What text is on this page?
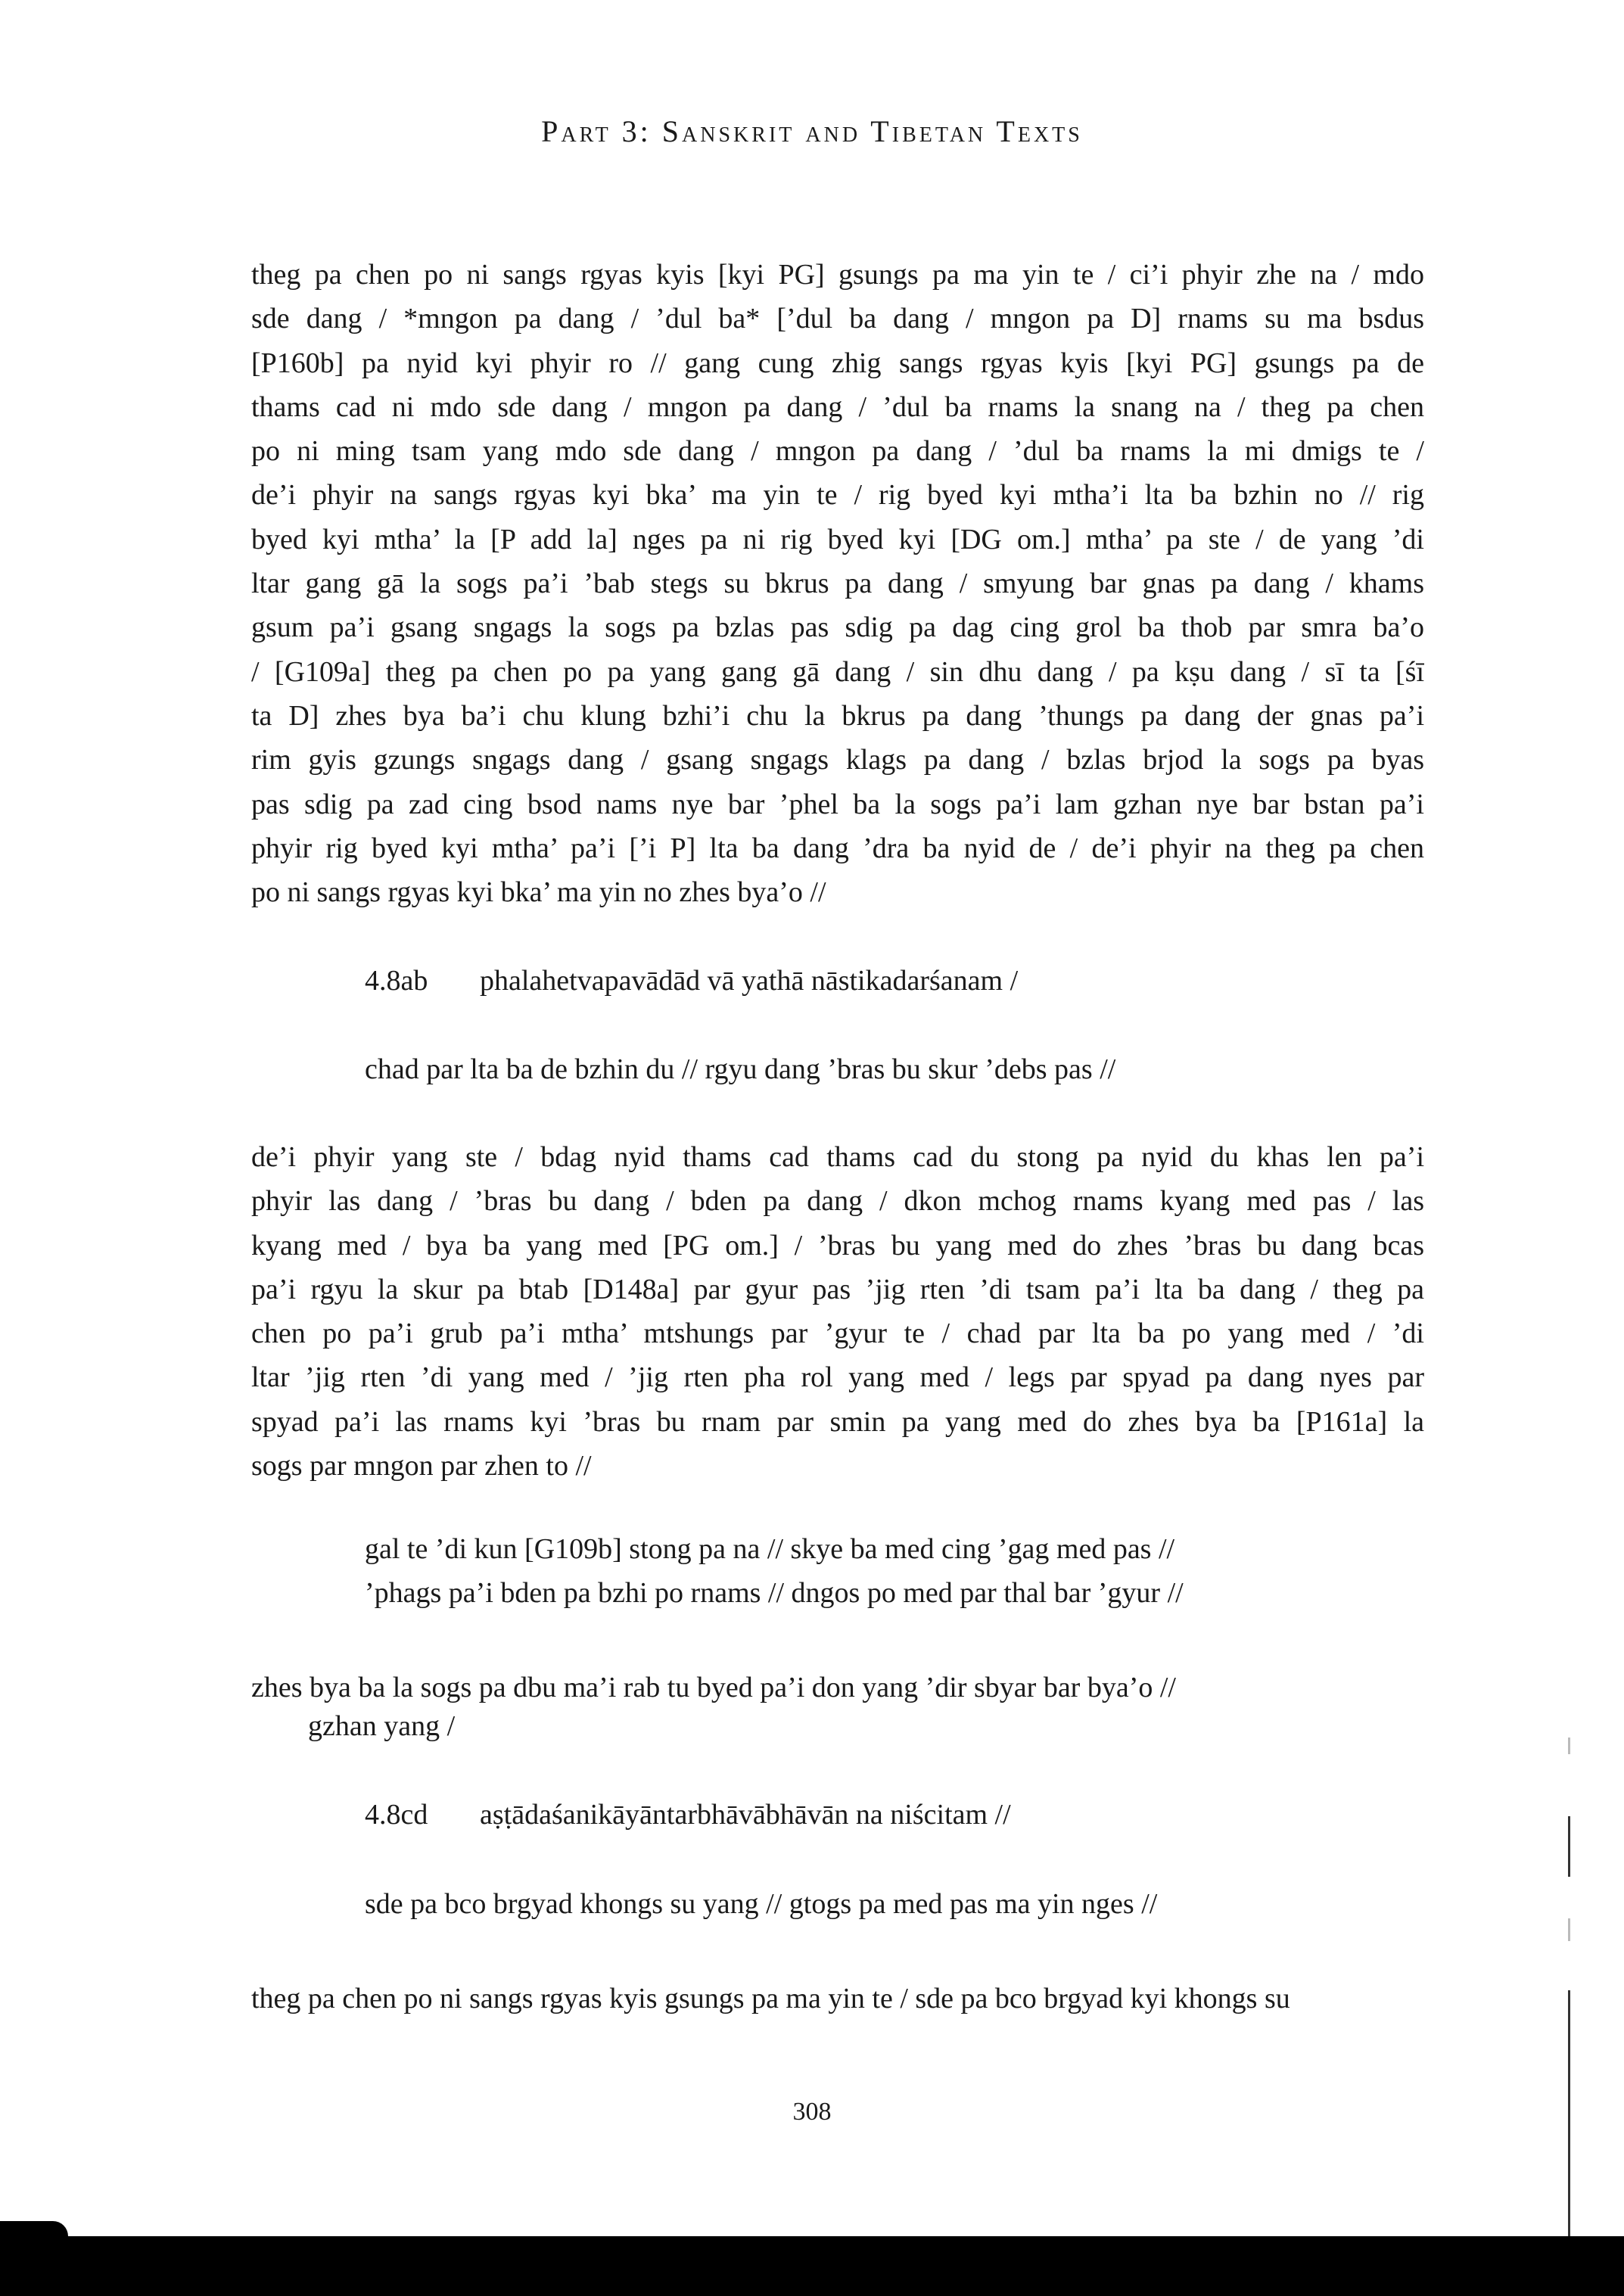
Part 3: Sanskrit and Tibetan Texts
theg pa chen po ni sangs rgyas kyis [kyi PG] gsungs pa ma yin te / ci’i phyir zhe na / mdo
sde dang / *mngon pa dang / ’dul ba* [’dul ba dang / mngon pa D] rnams su ma bsdus
[P160b] pa nyid kyi phyir ro // gang cung zhig sangs rgyas kyis [kyi PG] gsungs pa de
thams cad ni mdo sde dang / mngon pa dang / ’dul ba rnams la snang na / theg pa chen
po ni ming tsam yang mdo sde dang / mngon pa dang / ’dul ba rnams la mi dmigs te /
de’i phyir na sangs rgyas kyi bka’ ma yin te / rig byed kyi mtha’i lta ba bzhin no // rig
byed kyi mtha’ la [P add la] nges pa ni rig byed kyi [DG om.] mtha’ pa ste / de yang ’di
ltar gang gā la sogs pa’i ’bab stegs su bkrus pa dang / smyung bar gnas pa dang / khams
gsum pa’i gsang sngags la sogs pa bzlas pas sdig pa dag cing grol ba thob par smra ba’o
/ [G109a] theg pa chen po pa yang gang gā dang / sin dhu dang / pa kṣu dang / sī ta [śī
ta D] zhes bya ba’i chu klung bzhi’i chu la bkrus pa dang ’thungs pa dang der gnas pa’i
rim gyis gzungs sngags dang / gsang sngags klags pa dang / bzlas brjod la sogs pa byas
pas sdig pa zad cing bsod nams nye bar ’phel ba la sogs pa’i lam gzhan nye bar bstan pa’i
phyir rig byed kyi mtha’ pa’i [’i P] lta ba dang ’dra ba nyid de / de’i phyir na theg pa chen
po ni sangs rgyas kyi bka’ ma yin no zhes bya’o //
4.8ab phalahetvapavādād vā yathā nāstikadarśanam /
chad par lta ba de bzhin du // rgyu dang ’bras bu skur ’debs pas //
de’i phyir yang ste / bdag nyid thams cad thams cad du stong pa nyid du khas len pa’i
phyir las dang / ’bras bu dang / bden pa dang / dkon mchog rnams kyang med pas / las
kyang med / bya ba yang med [PG om.] / ’bras bu yang med do zhes ’bras bu dang bcas
pa’i rgyu la skur pa btab [D148a] par gyur pas ’jig rten ’di tsam pa’i lta ba dang / theg pa
chen po pa’i grub pa’i mtha’ mtshungs par ’gyur te / chad par lta ba po yang med / ’di
ltar ’jig rten ’di yang med / ’jig rten pha rol yang med / legs par spyad pa dang nyes par
spyad pa’i las rnams kyi ’bras bu rnam par smin pa yang med do zhes bya ba [P161a] la
sogs par mngon par zhen to //
gal te ’di kun [G109b] stong pa na // skye ba med cing ’gag med pas //
’phags pa’i bden pa bzhi po rnams // dngos po med par thal bar ’gyur //
zhes bya ba la sogs pa dbu ma’i rab tu byed pa’i don yang ’dir sbyar bar bya’o //
gzhan yang /
4.8cd aṣṭādaśanikāyāntarbhāvābhāvān na niścitam //
sde pa bco brgyad khongs su yang // gtogs pa med pas ma yin nges //
theg pa chen po ni sangs rgyas kyis gsungs pa ma yin te / sde pa bco brgyad kyi khongs su
308
